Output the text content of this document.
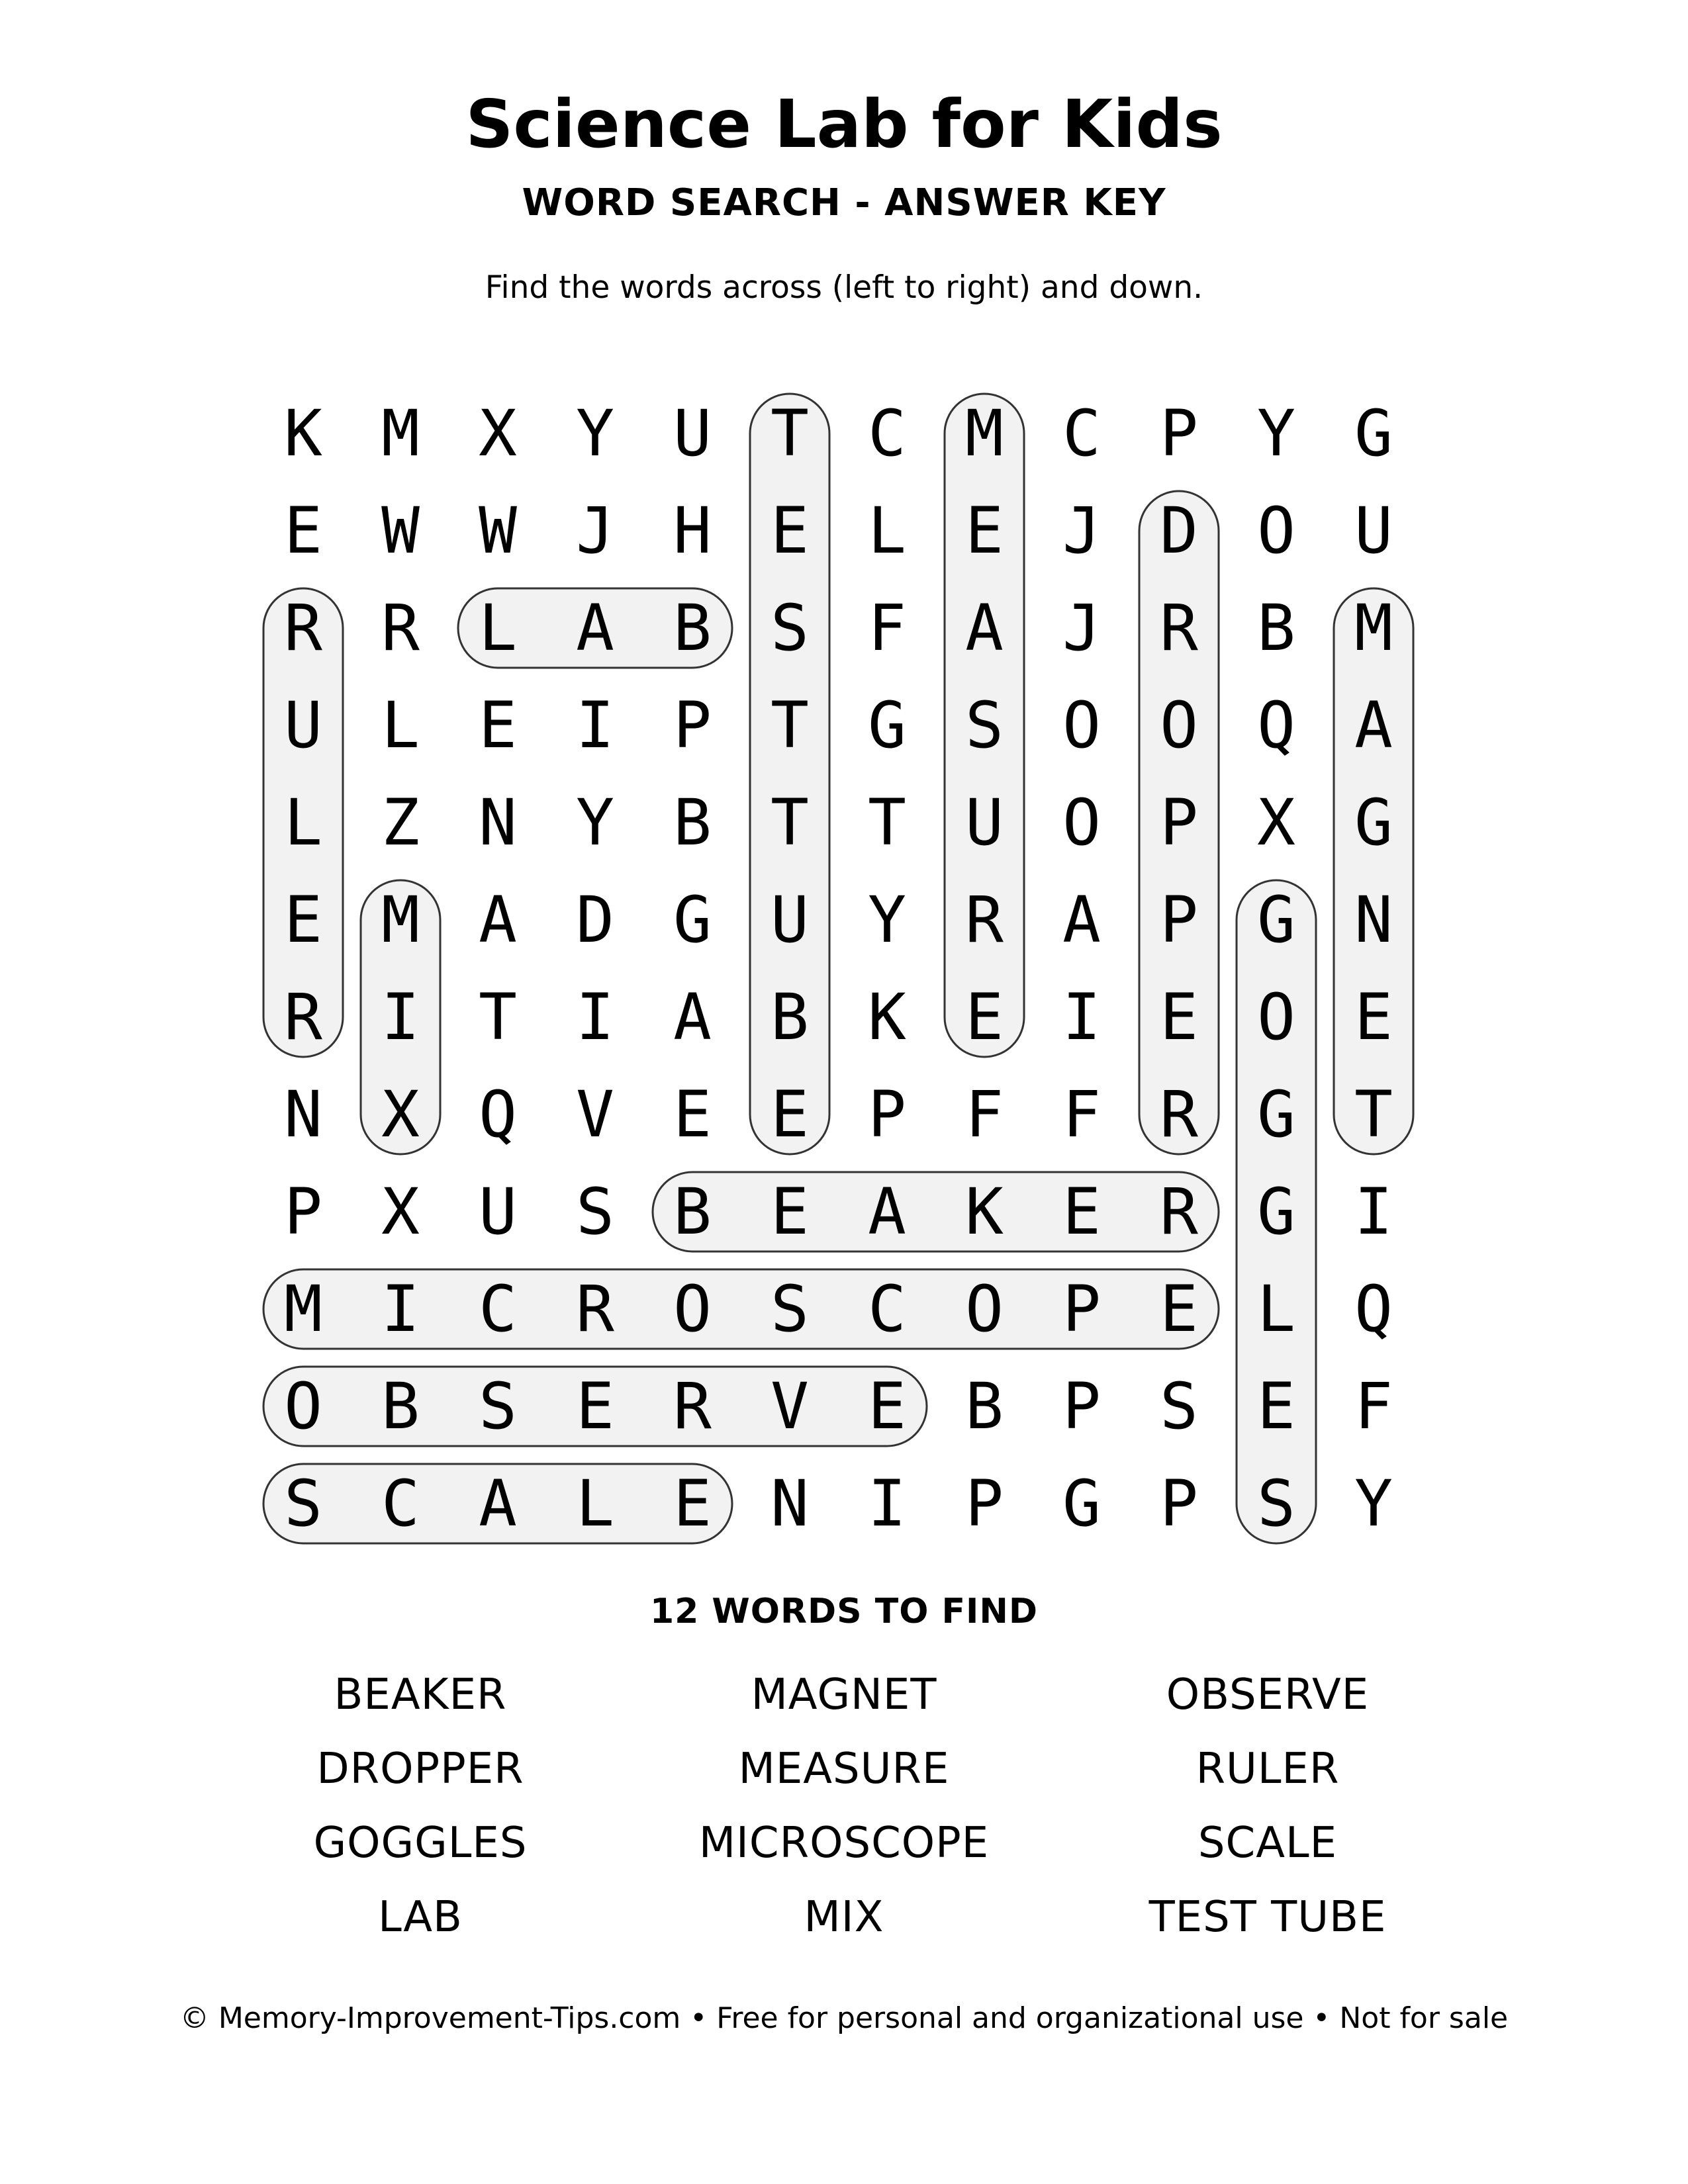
Science Lab for Kids
WORD SEARCH - ANSWER KEY
Find the words across (left to right) and down.
K M X Y U T C M C P Y G
E W W J H E L E J D O U
R R L A B S F A J R B M
U L E I P T G S O O Q A
L Z N Y B T T U O P X G
E M A D G U Y R A P G N
R I T I A B K E I E O E
N X Q V E E P F F R G T
P X U S B E A K E R G I
M I C R O S C O P E L Q
O B S E R V E B P S E F
S C A L E N I P G P S Y
12 WORDS TO FIND
BEAKER	MAGNET	OBSERVE
DROPPER	MEASURE	RULER
GOGGLES	MICROSCOPE	SCALE
LAB	MIX	TEST TUBE
© Memory-Improvement-Tips.com • Free for personal and organizational use • Not for sale
